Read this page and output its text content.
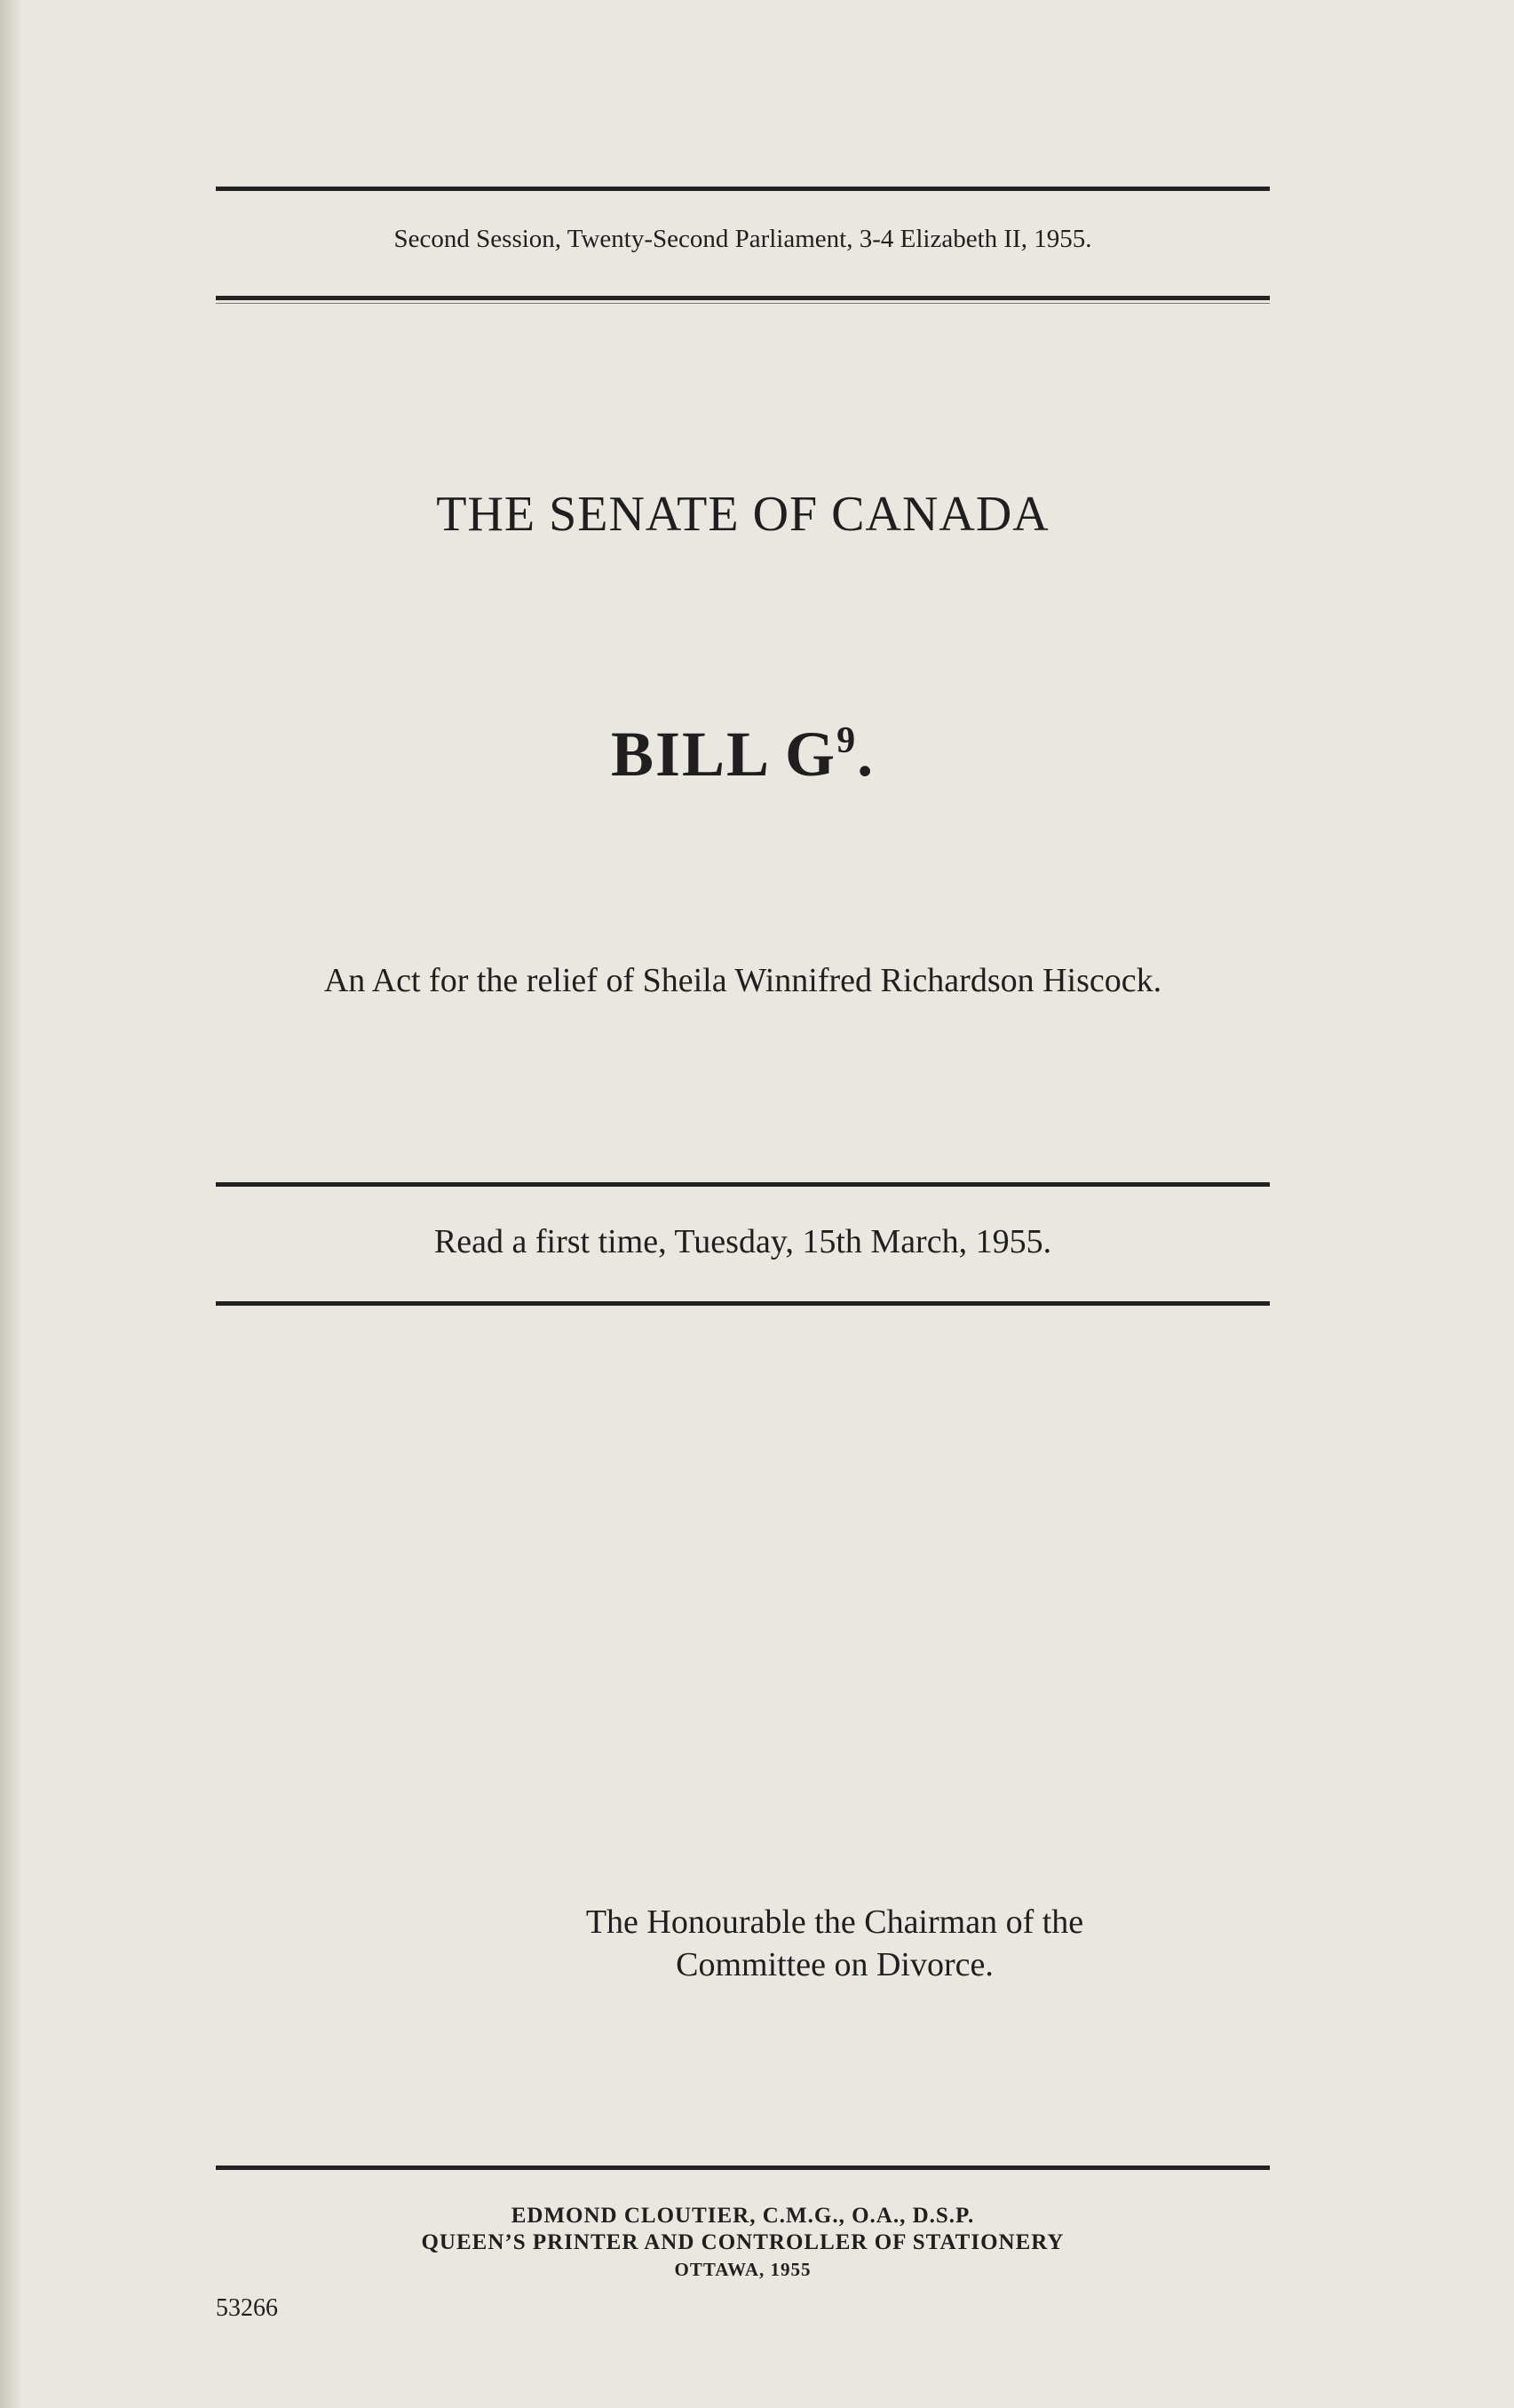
Second Session, Twenty-Second Parliament, 3-4 Elizabeth II, 1955.
THE SENATE OF CANADA
BILL $G^9$.
An Act for the relief of Sheila Winnifred Richardson Hiscock.
Read a first time, Tuesday, 15th March, 1955.
The Honourable the Chairman of the
Committee on Divorce.
EDMOND CLOUTIER, C.M.G., O.A., D.S.P.
QUEEN’S PRINTER AND CONTROLLER OF STATIONERY
OTTAWA, 1955
53266
